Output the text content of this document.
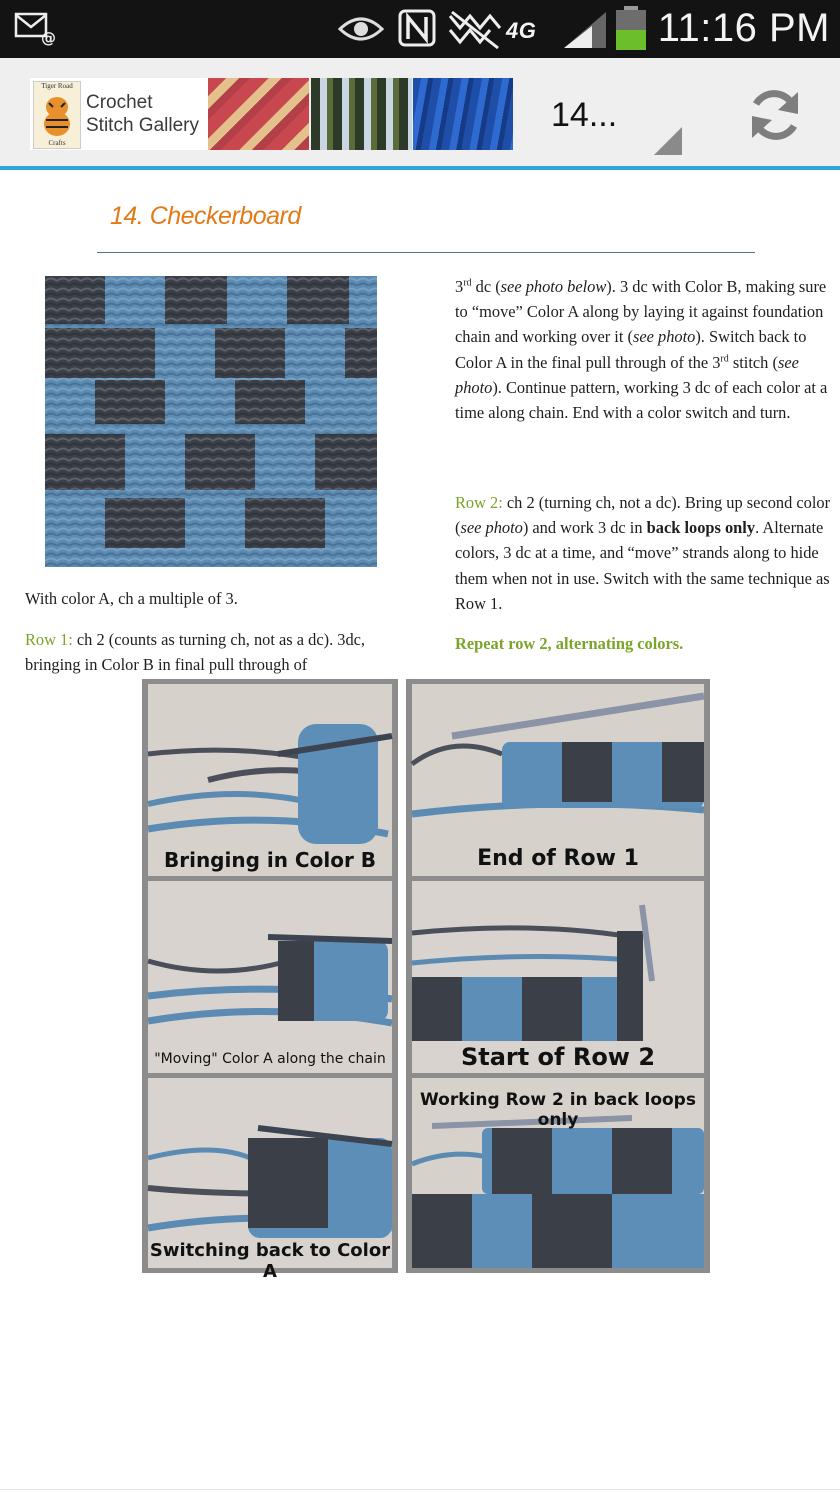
@	4G	11:16 PM
Tiger Road
Crafts
Crochet
Stitch Gallery	14...
14. Checkerboard
With color A, ch a multiple of 3.
Row 1: ch 2 (counts as turning ch, not as a dc). 3dc, bringing in Color B in final pull through of
3rd dc (see photo below). 3 dc with Color B, making sure to “move” Color A along by laying it against foundation chain and working over it (see photo). Switch back to Color A in the final pull through of the 3rd stitch (see photo). Continue pattern, working 3 dc of each color at a time along chain. End with a color switch and turn.
Row 2: ch 2 (turning ch, not a dc). Bring up second color (see photo) and work 3 dc in back loops only. Alternate colors, 3 dc at a time, and “move” strands along to hide them when not in use. Switch with the same technique as Row 1.
Repeat row 2, alternating colors.
Bringing in Color B
"Moving" Color A along the chain
Switching back to Color A
End of Row 1
Start of Row 2
Working Row 2 in back loops only
